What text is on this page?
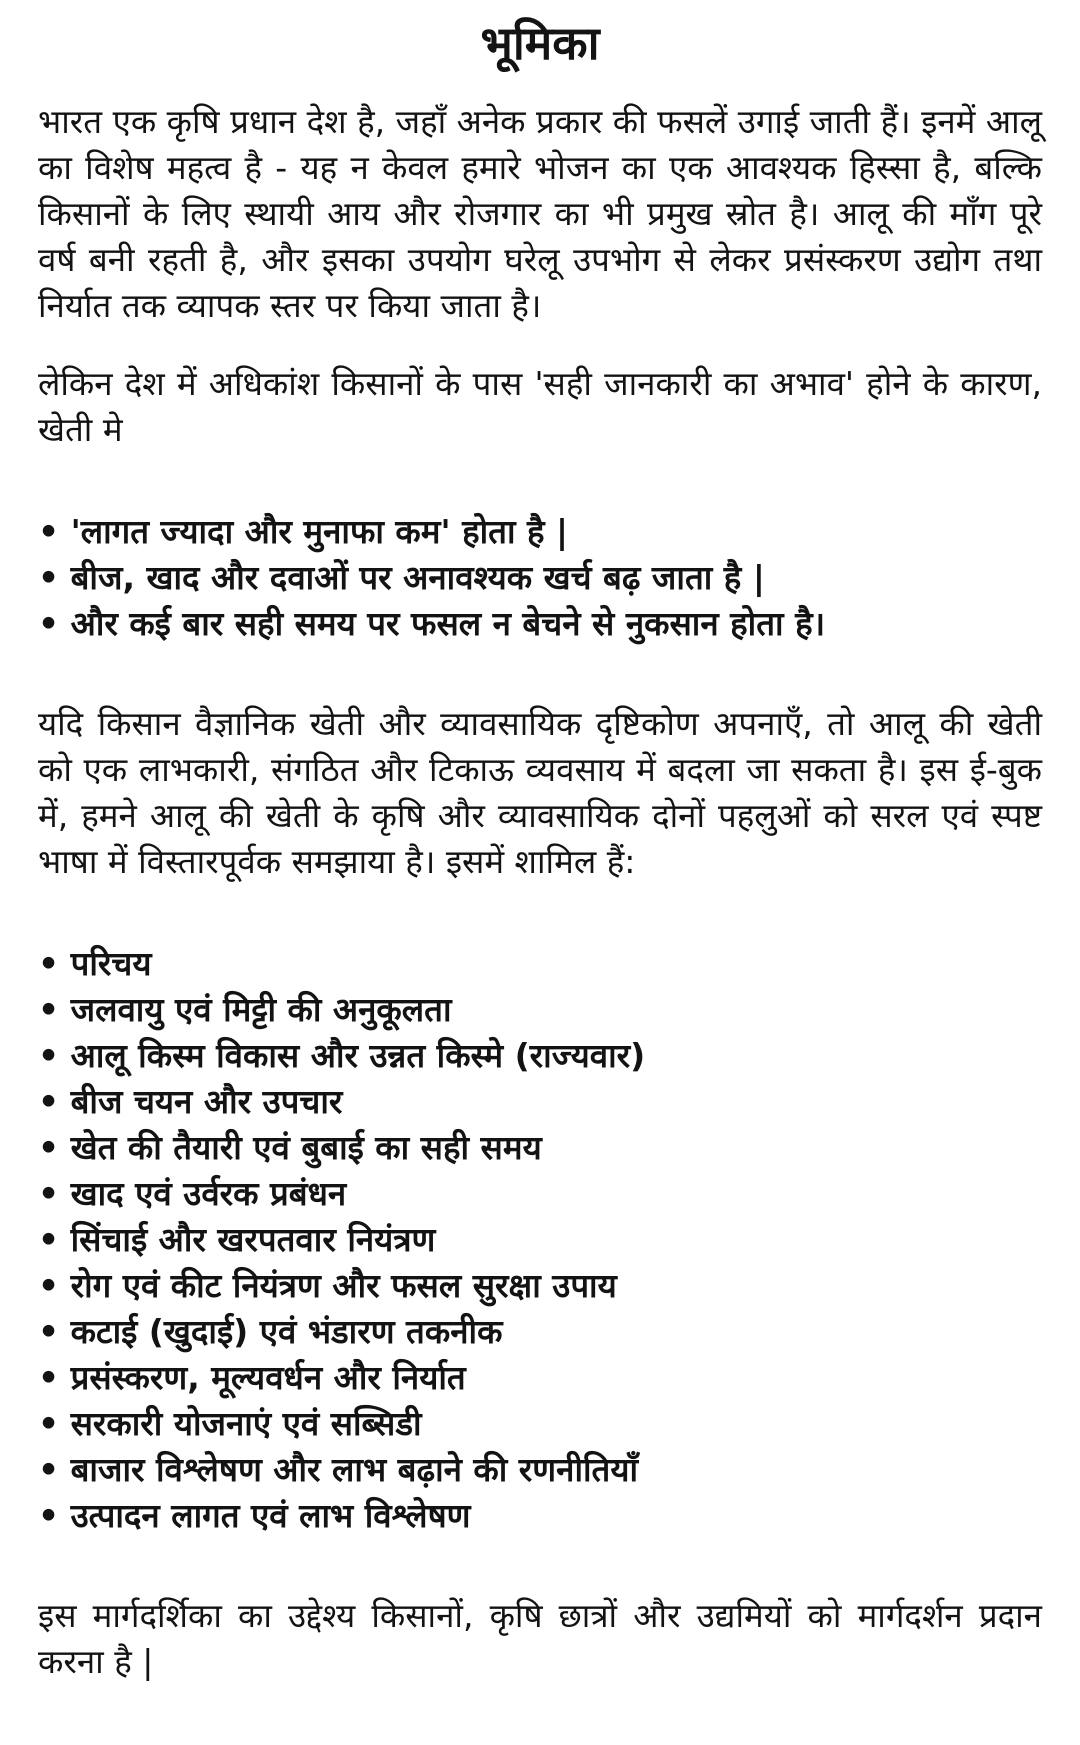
भूमिका

भारत एक कृषि प्रधान देश है, जहाँ अनेक प्रकार की फसलें उगाई जाती हैं। इनमें आलू का विशेष महत्व है - यह न केवल हमारे भोजन का एक आवश्यक हिस्सा है, बल्कि किसानों के लिए स्थायी आय और रोजगार का भी प्रमुख स्रोत है। आलू की माँग पूरे वर्ष बनी रहती है, और इसका उपयोग घरेलू उपभोग से लेकर प्रसंस्करण उद्योग तथा निर्यात तक व्यापक स्तर पर किया जाता है।

लेकिन देश में अधिकांश किसानों के पास 'सही जानकारी का अभाव' होने के कारण, खेती मे

• 'लागत ज्यादा और मुनाफा कम' होता है |
• बीज, खाद और दवाओं पर अनावश्यक खर्च बढ़ जाता है |
• और कई बार सही समय पर फसल न बेचने से नुकसान होता है।

यदि किसान वैज्ञानिक खेती और व्यावसायिक दृष्टिकोण अपनाएँ, तो आलू की खेती को एक लाभकारी, संगठित और टिकाऊ व्यवसाय में बदला जा सकता है। इस ई-बुक में, हमने आलू की खेती के कृषि और व्यावसायिक दोनों पहलुओं को सरल एवं स्पष्ट भाषा में विस्तारपूर्वक समझाया है। इसमें शामिल हैं:

• परिचय
• जलवायु एवं मिट्टी की अनुकूलता
• आलू किस्म विकास और उन्नत किस्मे (राज्यवार)
• बीज चयन और उपचार
• खेत की तैयारी एवं बुबाई का सही समय
• खाद एवं उर्वरक प्रबंधन
• सिंचाई और खरपतवार नियंत्रण
• रोग एवं कीट नियंत्रण और फसल सुरक्षा उपाय
• कटाई (खुदाई) एवं भंडारण तकनीक
• प्रसंस्करण, मूल्यवर्धन और निर्यात
• सरकारी योजनाएं एवं सब्सिडी
• बाजार विश्लेषण और लाभ बढ़ाने की रणनीतियाँ
• उत्पादन लागत एवं लाभ विश्लेषण

इस मार्गदर्शिका का उद्देश्य किसानों, कृषि छात्रों और उद्यमियों को मार्गदर्शन प्रदान करना है |
